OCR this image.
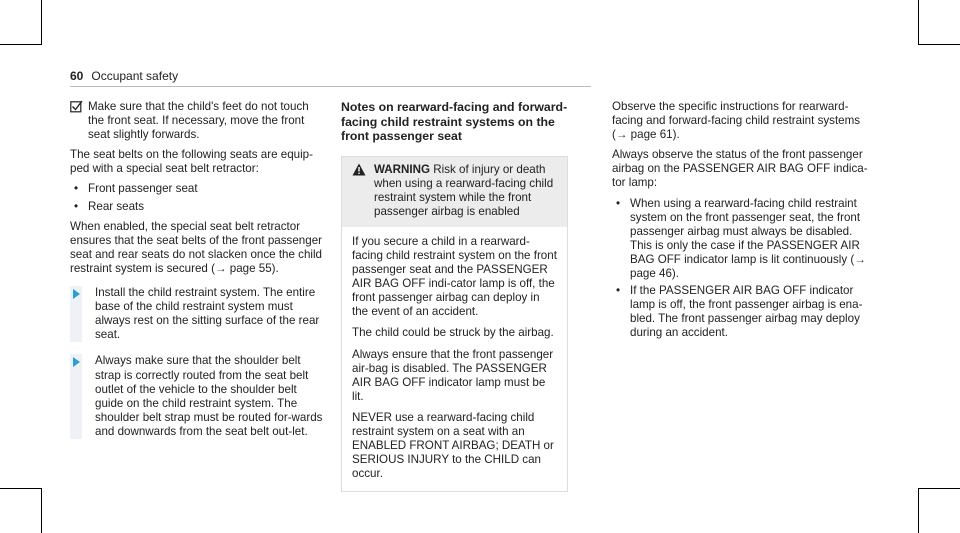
60 Occupant safety
Make sure that the child's feet do not touch the front seat. If necessary, move the front seat slightly forwards.

The seat belts on the following seats are equip-ped with a special seat belt retractor:

• Front passenger seat
• Rear seats

When enabled, the special seat belt retractor ensures that the seat belts of the front passenger seat and rear seats do not slacken once the child restraint system is secured (→ page 55).

Install the child restraint system. The entire base of the child restraint system must always rest on the sitting surface of the rear seat.
Always make sure that the shoulder belt strap is correctly routed from the seat belt outlet of the vehicle to the shoulder belt guide on the child restraint system. The shoulder belt strap must be routed for-wards and downwards from the seat belt out-let.
Notes on rearward-facing and forward-facing child restraint systems on the front passenger seat
WARNING Risk of injury or death when using a rearward-facing child restraint system while the front passenger airbag is enabled

If you secure a child in a rearward-facing child restraint system on the front passenger seat and the PASSENGER AIR BAG OFF indi-cator lamp is off, the front passenger airbag can deploy in the event of an accident.

The child could be struck by the airbag.

Always ensure that the front passenger air-bag is disabled. The PASSENGER AIR BAG OFF indicator lamp must be lit.

NEVER use a rearward-facing child restraint system on a seat with an ENABLED FRONT AIRBAG; DEATH or SERIOUS INJURY to the CHILD can occur.

Observe the specific instructions for rearward-facing and forward-facing child restraint systems (→ page 61).

Always observe the status of the front passenger airbag on the PASSENGER AIR BAG OFF indica-tor lamp:

• When using a rearward-facing child restraint system on the front passenger seat, the front passenger airbag must always be disabled. This is only the case if the PASSENGER AIR BAG OFF indicator lamp is lit continuously (→ page 46).
• If the PASSENGER AIR BAG OFF indicator lamp is off, the front passenger airbag is ena-bled. The front passenger airbag may deploy during an accident.
